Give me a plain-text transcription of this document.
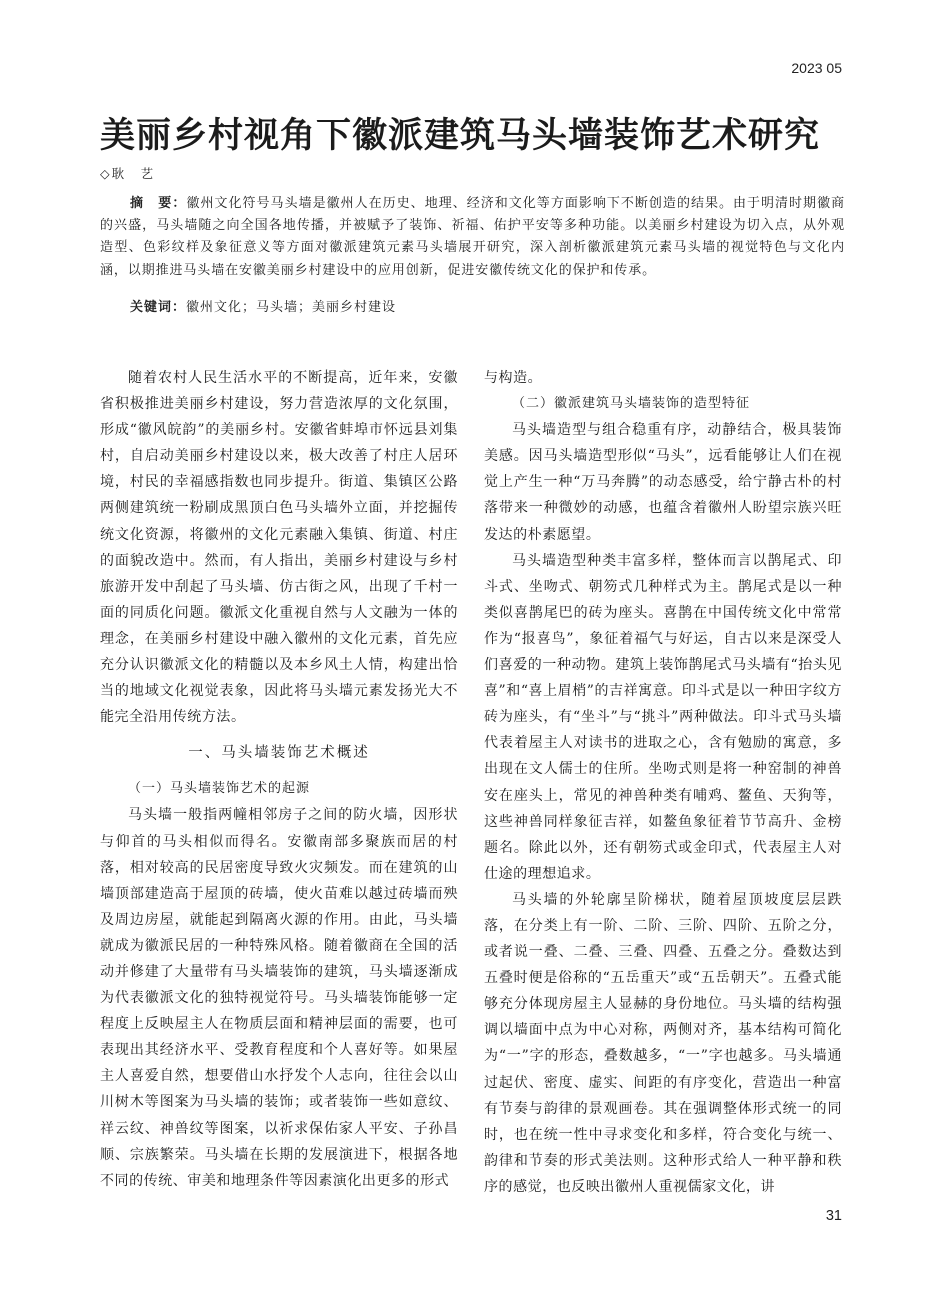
2023 05
美丽乡村视角下徽派建筑马头墙装饰艺术研究
◇耿　艺

摘　要：徽州文化符号马头墙是徽州人在历史、地理、经济和文化等方面影响下不断创造的结果。由于明清时期徽商的兴盛，马头墙随之向全国各地传播，并被赋予了装饰、祈福、佑护平安等多种功能。以美丽乡村建设为切入点，从外观造型、色彩纹样及象征意义等方面对徽派建筑元素马头墙展开研究，深入剖析徽派建筑元素马头墙的视觉特色与文化内涵，以期推进马头墙在安徽美丽乡村建设中的应用创新，促进安徽传统文化的保护和传承。

关键词：徽州文化；马头墙；美丽乡村建设

随着农村人民生活水平的不断提高，近年来，安徽省积极推进美丽乡村建设，努力营造浓厚的文化氛围，形成“徽风皖韵”的美丽乡村。安徽省蚌埠市怀远县刘集村，自启动美丽乡村建设以来，极大改善了村庄人居环境，村民的幸福感指数也同步提升。街道、集镇区公路两侧建筑统一粉刷成黑顶白色马头墙外立面，并挖掘传统文化资源，将徽州的文化元素融入集镇、街道、村庄的面貌改造中。然而，有人指出，美丽乡村建设与乡村旅游开发中刮起了马头墙、仿古街之风，出现了千村一面的同质化问题。徽派文化重视自然与人文融为一体的理念，在美丽乡村建设中融入徽州的文化元素，首先应充分认识徽派文化的精髓以及本乡风土人情，构建出恰当的地域文化视觉表象，因此将马头墙元素发扬光大不能完全沿用传统方法。

一、马头墙装饰艺术概述
（一）马头墙装饰艺术的起源

马头墙一般指两幢相邻房子之间的防火墙，因形状与仰首的马头相似而得名。安徽南部多聚族而居的村落，相对较高的民居密度导致火灾频发。而在建筑的山墙顶部建造高于屋顶的砖墙，使火苗难以越过砖墙而殃及周边房屋，就能起到隔离火源的作用。由此，马头墙就成为徽派民居的一种特殊风格。随着徽商在全国的活动并修建了大量带有马头墙装饰的建筑，马头墙逐渐成为代表徽派文化的独特视觉符号。马头墙装饰能够一定程度上反映屋主人在物质层面和精神层面的需要，也可表现出其经济水平、受教育程度和个人喜好等。如果屋主人喜爱自然，想要借山水抒发个人志向，往往会以山川树木等图案为马头墙的装饰；或者装饰一些如意纹、祥云纹、神兽纹等图案，以祈求保佑家人平安、子孙昌顺、宗族繁荣。马头墙在长期的发展演进下，根据各地不同的传统、审美和地理条件等因素演化出更多的形式

与构造。

（二）徽派建筑马头墙装饰的造型特征

马头墙造型与组合稳重有序，动静结合，极具装饰美感。因马头墙造型形似“马头”，远看能够让人们在视觉上产生一种“万马奔腾”的动态感受，给宁静古朴的村落带来一种微妙的动感，也蕴含着徽州人盼望宗族兴旺发达的朴素愿望。

马头墙造型种类丰富多样，整体而言以鹊尾式、印斗式、坐吻式、朝笏式几种样式为主。鹊尾式是以一种类似喜鹊尾巴的砖为座头。喜鹊在中国传统文化中常常作为“报喜鸟”，象征着福气与好运，自古以来是深受人们喜爱的一种动物。建筑上装饰鹊尾式马头墙有“抬头见喜”和“喜上眉梢”的吉祥寓意。印斗式是以一种田字纹方砖为座头，有“坐斗”与“挑斗”两种做法。印斗式马头墙代表着屋主人对读书的进取之心，含有勉励的寓意，多出现在文人儒士的住所。坐吻式则是将一种窑制的神兽安在座头上，常见的神兽种类有哺鸡、鳌鱼、天狗等，这些神兽同样象征吉祥，如鳌鱼象征着节节高升、金榜题名。除此以外，还有朝笏式或金印式，代表屋主人对仕途的理想追求。

马头墙的外轮廓呈阶梯状，随着屋顶坡度层层跌落，在分类上有一阶、二阶、三阶、四阶、五阶之分，或者说一叠、二叠、三叠、四叠、五叠之分。叠数达到五叠时便是俗称的“五岳重天”或“五岳朝天”。五叠式能够充分体现房屋主人显赫的身份地位。马头墙的结构强调以墙面中点为中心对称，两侧对齐，基本结构可简化为“一”字的形态，叠数越多，“一”字也越多。马头墙通过起伏、密度、虚实、间距的有序变化，营造出一种富有节奏与韵律的景观画卷。其在强调整体形式统一的同时，也在统一性中寻求变化和多样，符合变化与统一、韵律和节奏的形式美法则。这种形式给人一种平静和秩序的感觉，也反映出徽州人重视儒家文化，讲

31
